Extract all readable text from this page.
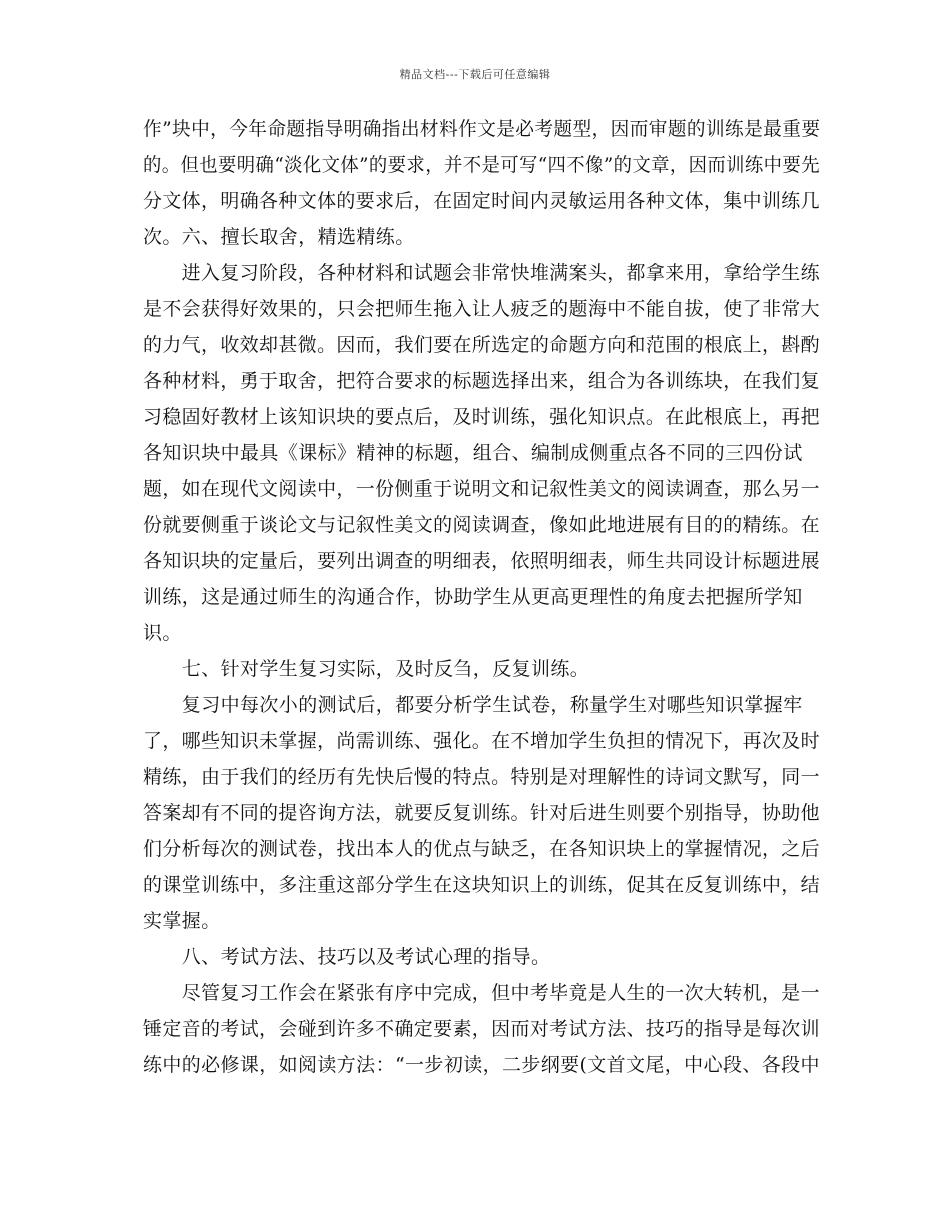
精品文档---下载后可任意编辑
作”块中，今年命题指导明确指出材料作文是必考题型，因而审题的训练是最重要
的。但也要明确“淡化文体”的要求，并不是可写“四不像”的文章，因而训练中要先
分文体，明确各种文体的要求后，在固定时间内灵敏运用各种文体，集中训练几
次。六、擅长取舍，精选精练。
　　进入复习阶段，各种材料和试题会非常快堆满案头，都拿来用，拿给学生练
是不会获得好效果的，只会把师生拖入让人疲乏的题海中不能自拔，使了非常大
的力气，收效却甚微。因而，我们要在所选定的命题方向和范围的根底上，斟酌
各种材料，勇于取舍，把符合要求的标题选择出来，组合为各训练块，在我们复
习稳固好教材上该知识块的要点后，及时训练，强化知识点。在此根底上，再把
各知识块中最具《课标》精神的标题，组合、编制成侧重点各不同的三四份试
题，如在现代文阅读中，一份侧重于说明文和记叙性美文的阅读调查，那么另一
份就要侧重于谈论文与记叙性美文的阅读调查，像如此地进展有目的的精练。在
各知识块的定量后，要列出调查的明细表，依照明细表，师生共同设计标题进展
训练，这是通过师生的沟通合作，协助学生从更高更理性的角度去把握所学知
识。
　　七、针对学生复习实际，及时反刍，反复训练。
　　复习中每次小的测试后，都要分析学生试卷，称量学生对哪些知识掌握牢
了，哪些知识未掌握，尚需训练、强化。在不增加学生负担的情况下，再次及时
精练，由于我们的经历有先快后慢的特点。特别是对理解性的诗词文默写，同一
答案却有不同的提咨询方法，就要反复训练。针对后进生则要个别指导，协助他
们分析每次的测试卷，找出本人的优点与缺乏，在各知识块上的掌握情况，之后
的课堂训练中，多注重这部分学生在这块知识上的训练，促其在反复训练中，结
实掌握。
　　八、考试方法、技巧以及考试心理的指导。
　　尽管复习工作会在紧张有序中完成，但中考毕竟是人生的一次大转机，是一
锤定音的考试，会碰到许多不确定要素，因而对考试方法、技巧的指导是每次训
练中的必修课，如阅读方法：“一步初读，二步纲要(文首文尾，中心段、各段中
